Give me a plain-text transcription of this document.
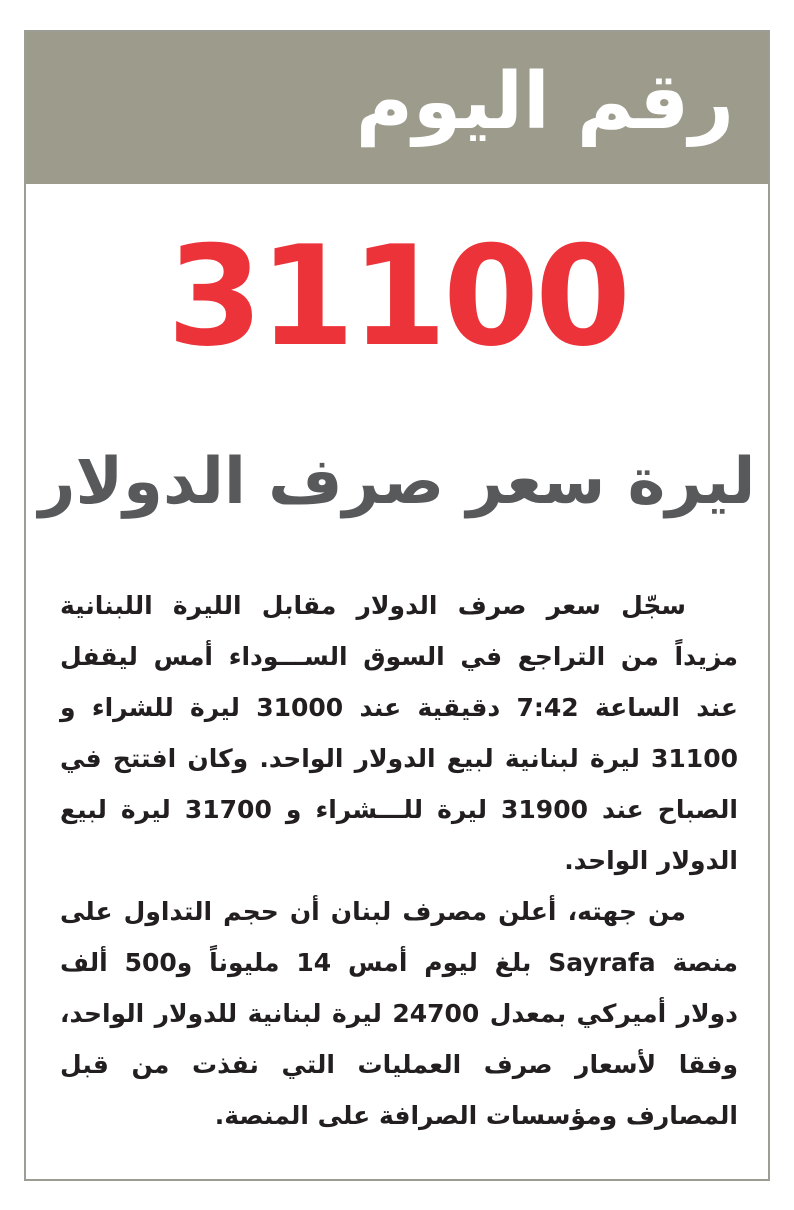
رقم اليوم
31100
ليرة سعر صرف الدولار

سجّل سعر صرف الدولار مقابل الليرة اللبنانية مزيداً من التراجع في السوق الســـوداء أمس ليقفل عند الساعة 7:42 دقيقية عند 31000 ليرة للشراء و 31100 ليرة لبنانية لبيع الدولار الواحد. وكان افتتح في الصباح عند 31900 ليرة للـــشراء و 31700 ليرة لبيع الدولار الواحد.

من جهته، أعلن مصرف لبنان أن حجم التداول على منصة Sayrafa بلغ ليوم أمس 14 مليوناً و500 ألف دولار أميركي بمعدل 24700 ليرة لبنانية للدولار الواحد، وفقا لأسعار صرف العمليات التي نفذت من قبل المصارف ومؤسسات الصرافة على المنصة.
